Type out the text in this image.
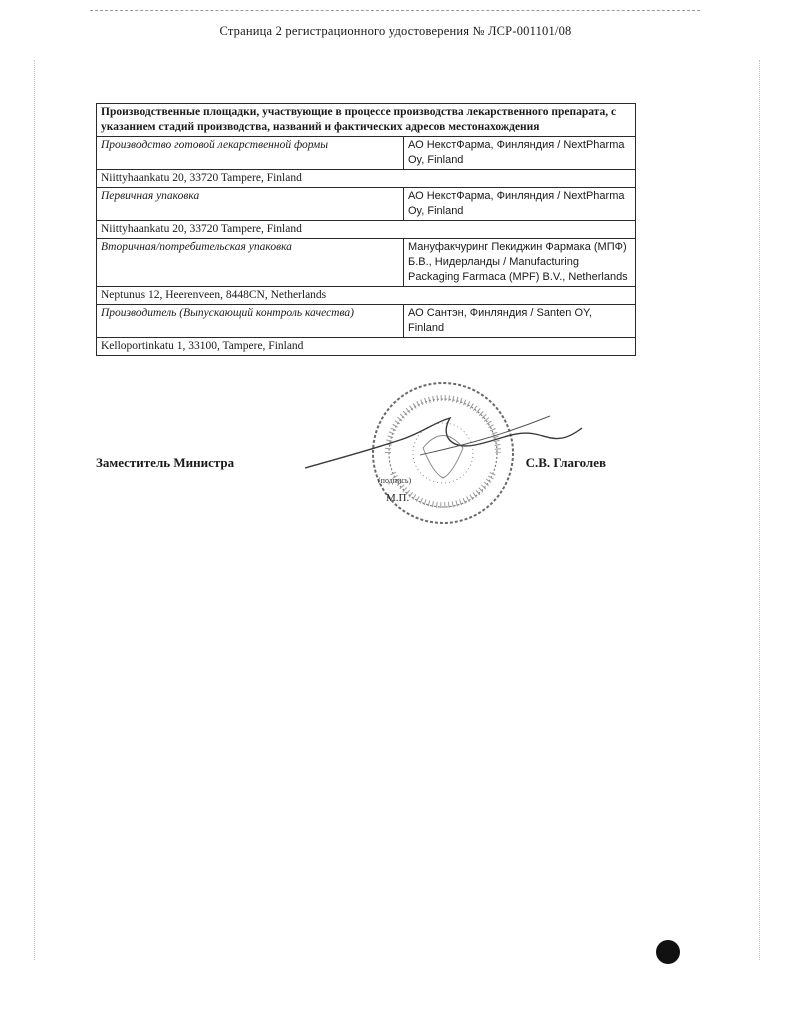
Страница 2 регистрационного удостоверения № ЛСР-001101/08
Производственные площадки, участвующие в процессе производства лекарственного препарата, с указанием стадий производства, названий и фактических адресов местонахождения	
Производство готовой лекарственной формы	АО НекстФарма, Финляндия / NextPharma Oy, Finland
Niittyhaankatu 20, 33720 Tampere, Finland	
Первичная упаковка	АО НекстФарма, Финляндия / NextPharma Oy, Finland
Niittyhaankatu 20, 33720 Tampere, Finland	
Вторичная/потребительская упаковка	Мануфакчуринг Пекиджин Фармака (МПФ) Б.В., Нидерланды / Manufacturing Packaging Farmaca (MPF) B.V., Netherlands
Neptunus 12, Heerenveen, 8448CN, Netherlands	
Производитель (Выпускающий контроль качества)	АО Сантэн, Финляндия / Santen OY, Finland
Kelloportinkatu 1, 33100, Tampere, Finland	
Заместитель Министра	С.В. Глаголев
(подпись)
М.П.
